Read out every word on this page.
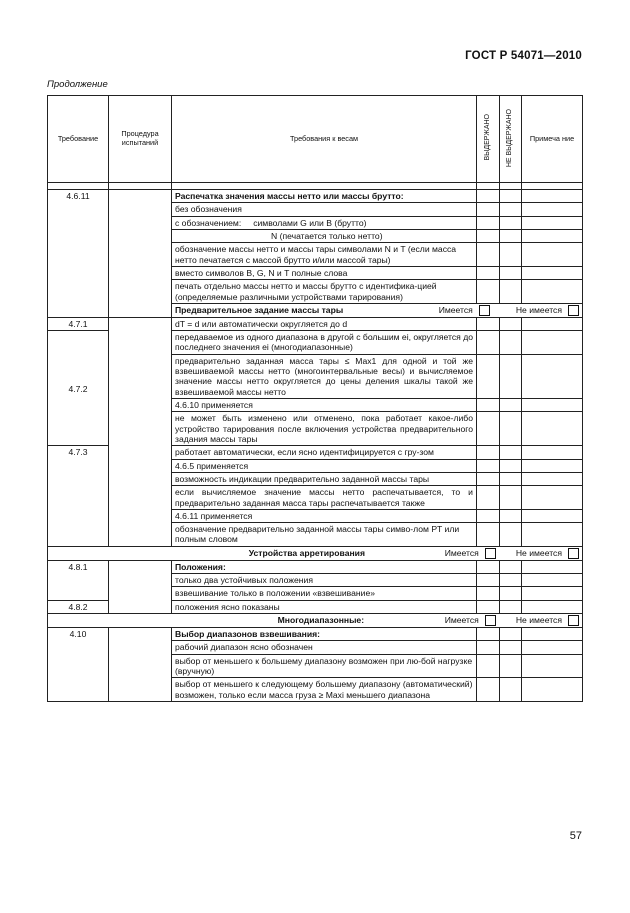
ГОСТ Р 54071—2010
Продолжение
Требование	Процедура испытаний	Требования к весам	ВЫДЕРЖАНО	НЕ ВЫДЕРЖАНО	Примеча ние

4.6.11		Распечатка значения массы нетто или массы брутто:			
		без обозначения			
		с обозначением: символами G или B (брутто)			
		N (печатается только нетто)			
		обозначение массы нетто и массы тары символами N и T (если масса нетто печатается с массой брутто и/или массой тары)			
		вместо символов B, G, N и T полные слова			
		печать отдельно массы нетто и массы брутто с идентифика-цией (определяемые различными устройствами тарирования)			

		Предварительное задание массы тары Имеется Не имеется			

4.7.1		dT = d или автоматически округляется до d			

4.7.2		передаваемое из одного диапазона в другой с большим ei, округляется до последнего значения ei (многодиапазонные)			
		предварительно заданная масса тары ≤ Max1 для одной и той же взвешиваемой массы нетто (многоинтервальные весы) и вычисляемое значение массы нетто округляется до цены деления шкалы такой же взвешиваемой массы нетто			
		4.6.10 применяется			
		не может быть изменено или отменено, пока работает какое-либо устройство тарирования после включения устройства предварительного задания массы тары			

4.7.3		работает автоматически, если ясно идентифицируется с гру-зом			
		4.6.5 применяется			
		возможность индикации предварительно заданной массы тары			
		если вычисляемое значение массы нетто распечатывается, то и предварительно заданная масса тары распечатывается также			
		4.6.11 применяется			
		обозначение предварительно заданной массы тары симво-лом PT или полным словом			

Устройства арретирования Имеется Не имеется					

4.8.1		Положения:			
		только два устойчивых положения			
		взвешивание только в положении «взвешивание»			
4.8.2		положения ясно показаны			

Многодиапазонные: Имеется Не имеется					

4.10		Выбор диапазонов взвешивания:			
		рабочий диапазон ясно обозначен			
		выбор от меньшего к большему диапазону возможен при лю-бой нагрузке (вручную)			
		выбор от меньшего к следующему большему диапазону (автоматический) возможен, только если масса груза ≥ Maxi меньшего диапазона			
57
